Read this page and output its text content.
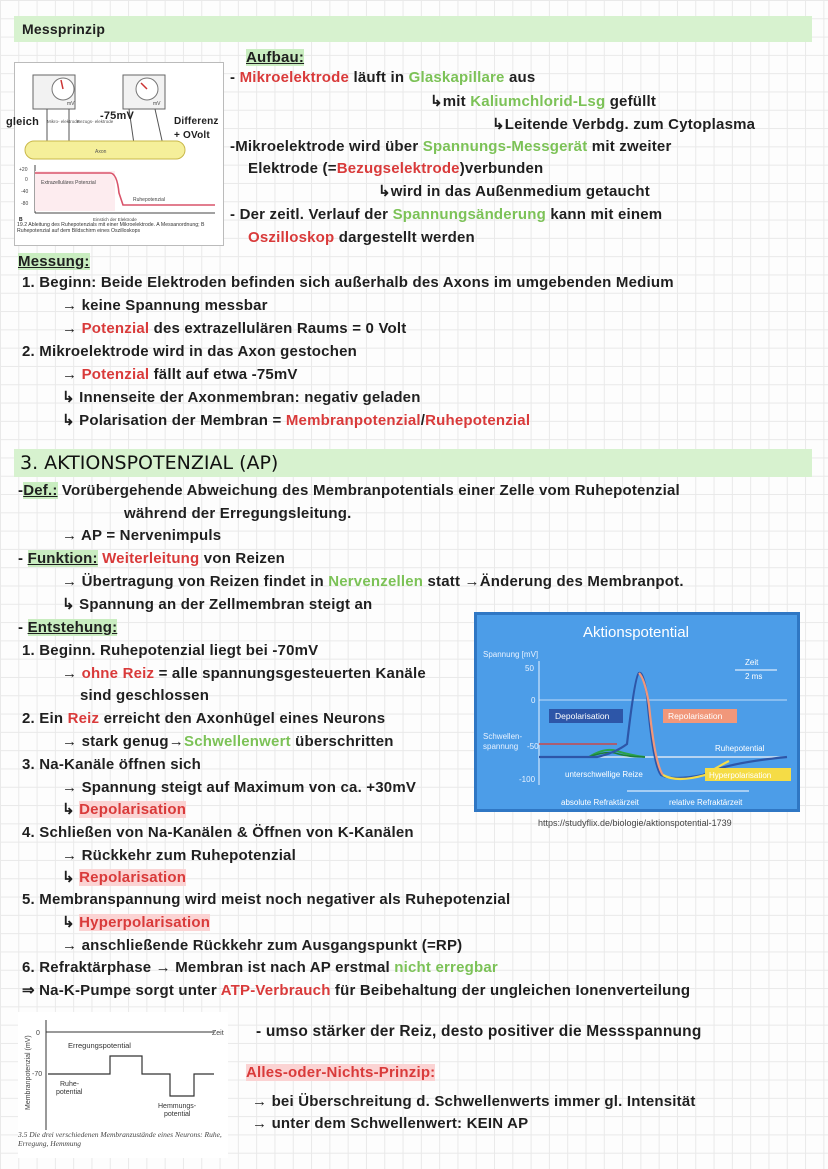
Messprinzip
mV	mV
Axon
Mikro- elektrode
Bezugs- elektrode
+20
0
-40
-80
Extrazelluläres Potenzial
Ruhepotenzial
Einstich der Elektrode
B
19.2 Ableitung des Ruhepotenzials mit einer Mikroelektrode. A Messanordnung; B Ruhepotenzial auf dem Bildschirm eines Oszilloskops
gleich	-75mV	Differenz
+ OVolt
Aufbau:
- Mikroelektrode läuft in Glaskapillare aus
↳mit Kaliumchlorid-Lsg gefüllt
↳Leitende Verbdg. zum Cytoplasma
-Mikroelektrode wird über Spannungs-Messgerät mit zweiter
Elektrode (=Bezugselektrode)verbunden
↳wird in das Außenmedium getaucht
- Der zeitl. Verlauf der Spannungsänderung kann mit einem
Oszilloskop dargestellt werden
Messung:
1. Beginn: Beide Elektroden befinden sich außerhalb des Axons im umgebenden Medium
→ keine Spannung messbar
→ Potenzial des extrazellulären Raums = 0 Volt
2. Mikroelektrode wird in das Axon gestochen
→ Potenzial fällt auf etwa -75mV
↳ Innenseite der Axonmembran: negativ geladen
↳ Polarisation der Membran = Membranpotenzial/Ruhepotenzial
3. AKTIONSPOTENZIAL (AP)
-Def.: Vorübergehende Abweichung des Membranpotentials einer Zelle vom Ruhepotenzial
während der Erregungsleitung.
→ AP = Nervenimpuls
- Funktion: Weiterleitung von Reizen
→ Übertragung von Reizen findet in Nervenzellen statt →Änderung des Membranpot.
↳ Spannung an der Zellmembran steigt an
- Entstehung:
1. Beginn. Ruhepotenzial liegt bei -70mV
→ ohne Reiz = alle spannungsgesteuerten Kanäle
sind geschlossen
2. Ein Reiz erreicht den Axonhügel eines Neurons
→ stark genug→Schwellenwert überschritten
3. Na-Kanäle öffnen sich
→ Spannung steigt auf Maximum von ca. +30mV
↳ Depolarisation
4. Schließen von Na-Kanälen & Öffnen von K-Kanälen
→ Rückkehr zum Ruhepotenzial
↳ Repolarisation
5. Membranspannung wird meist noch negativer als Ruhepotenzial
↳ Hyperpolarisation
→ anschließende Rückkehr zum Ausgangspunkt (=RP)
6. Refraktärphase → Membran ist nach AP erstmal nicht erregbar
⇒ Na-K-Pumpe sorgt unter ATP-Verbrauch für Beibehaltung der ungleichen Ionenverteilung
Aktionspotential
Spannung [mV]
50
0
-50
-100
Schwellen-
spannung
Zeit
2 ms
Depolarisation	Repolarisation
Ruhepotential
unterschwellige Reize	Hyperpolarisation
absolute Refraktärzeit	relative Refraktärzeit
https://studyflix.de/biologie/aktionspotential-1739
Membranpotenzial (mV)
0	Zeit
-70
Erregungspotential
Ruhe-
potential
Hemmungs-
potential
3.5 Die drei verschiedenen Membranzustände eines Neurons: Ruhe, Erregung, Hemmung
- umso stärker der Reiz, desto positiver die Messspannung
Alles-oder-Nichts-Prinzip:
→ bei Überschreitung d. Schwellenwerts immer gl. Intensität
→ unter dem Schwellenwert: KEIN AP
